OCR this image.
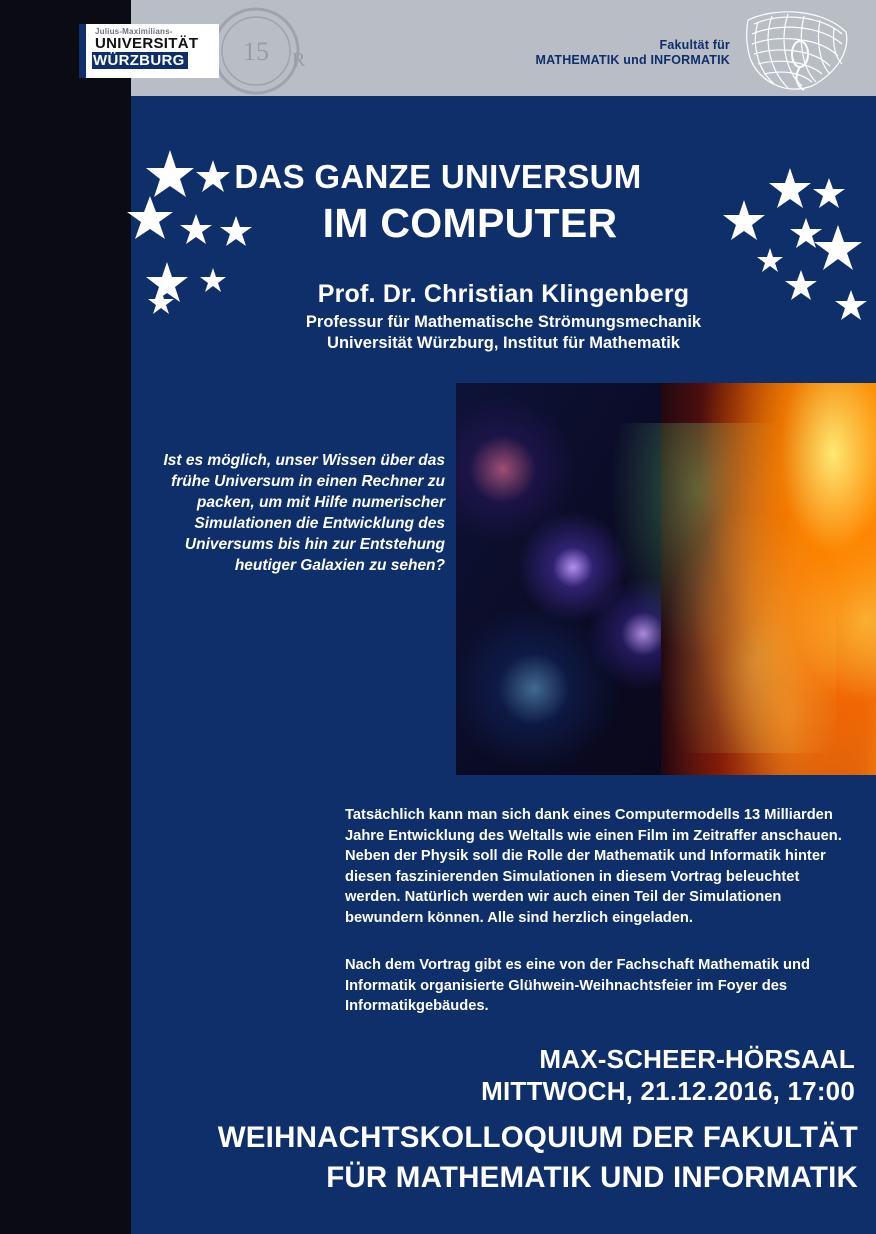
15 R
Julius-Maximilians-
UNIVERSITÄT
WÜRZBURG
Fakultät für
MATHEMATIK und INFORMATIK
DAS GANZE UNIVERSUM
IM COMPUTER
Prof. Dr. Christian Klingenberg
Professur für Mathematische Strömungsmechanik
Universität Würzburg, Institut für Mathematik
Ist es möglich, unser Wissen über das frühe Universum in einen Rechner zu packen, um mit Hilfe numerischer Simulationen die Entwicklung des Universums bis hin zur Entstehung heutiger Galaxien zu sehen?
Tatsächlich kann man sich dank eines Computermodells 13 Milliarden Jahre Entwicklung des Weltalls wie einen Film im Zeitraffer anschauen. Neben der Physik soll die Rolle der Mathematik und Informatik hinter diesen faszinierenden Simulationen in diesem Vortrag beleuchtet werden. Natürlich werden wir auch einen Teil der Simulationen bewundern können. Alle sind herzlich eingeladen.
Nach dem Vortrag gibt es eine von der Fachschaft Mathematik und Informatik organisierte Glühwein-Weihnachtsfeier im Foyer des Informatikgebäudes.
MAX-SCHEER-HÖRSAAL
MITTWOCH, 21.12.2016, 17:00
WEIHNACHTSKOLLOQUIUM DER FAKULTÄT
FÜR MATHEMATIK UND INFORMATIK
